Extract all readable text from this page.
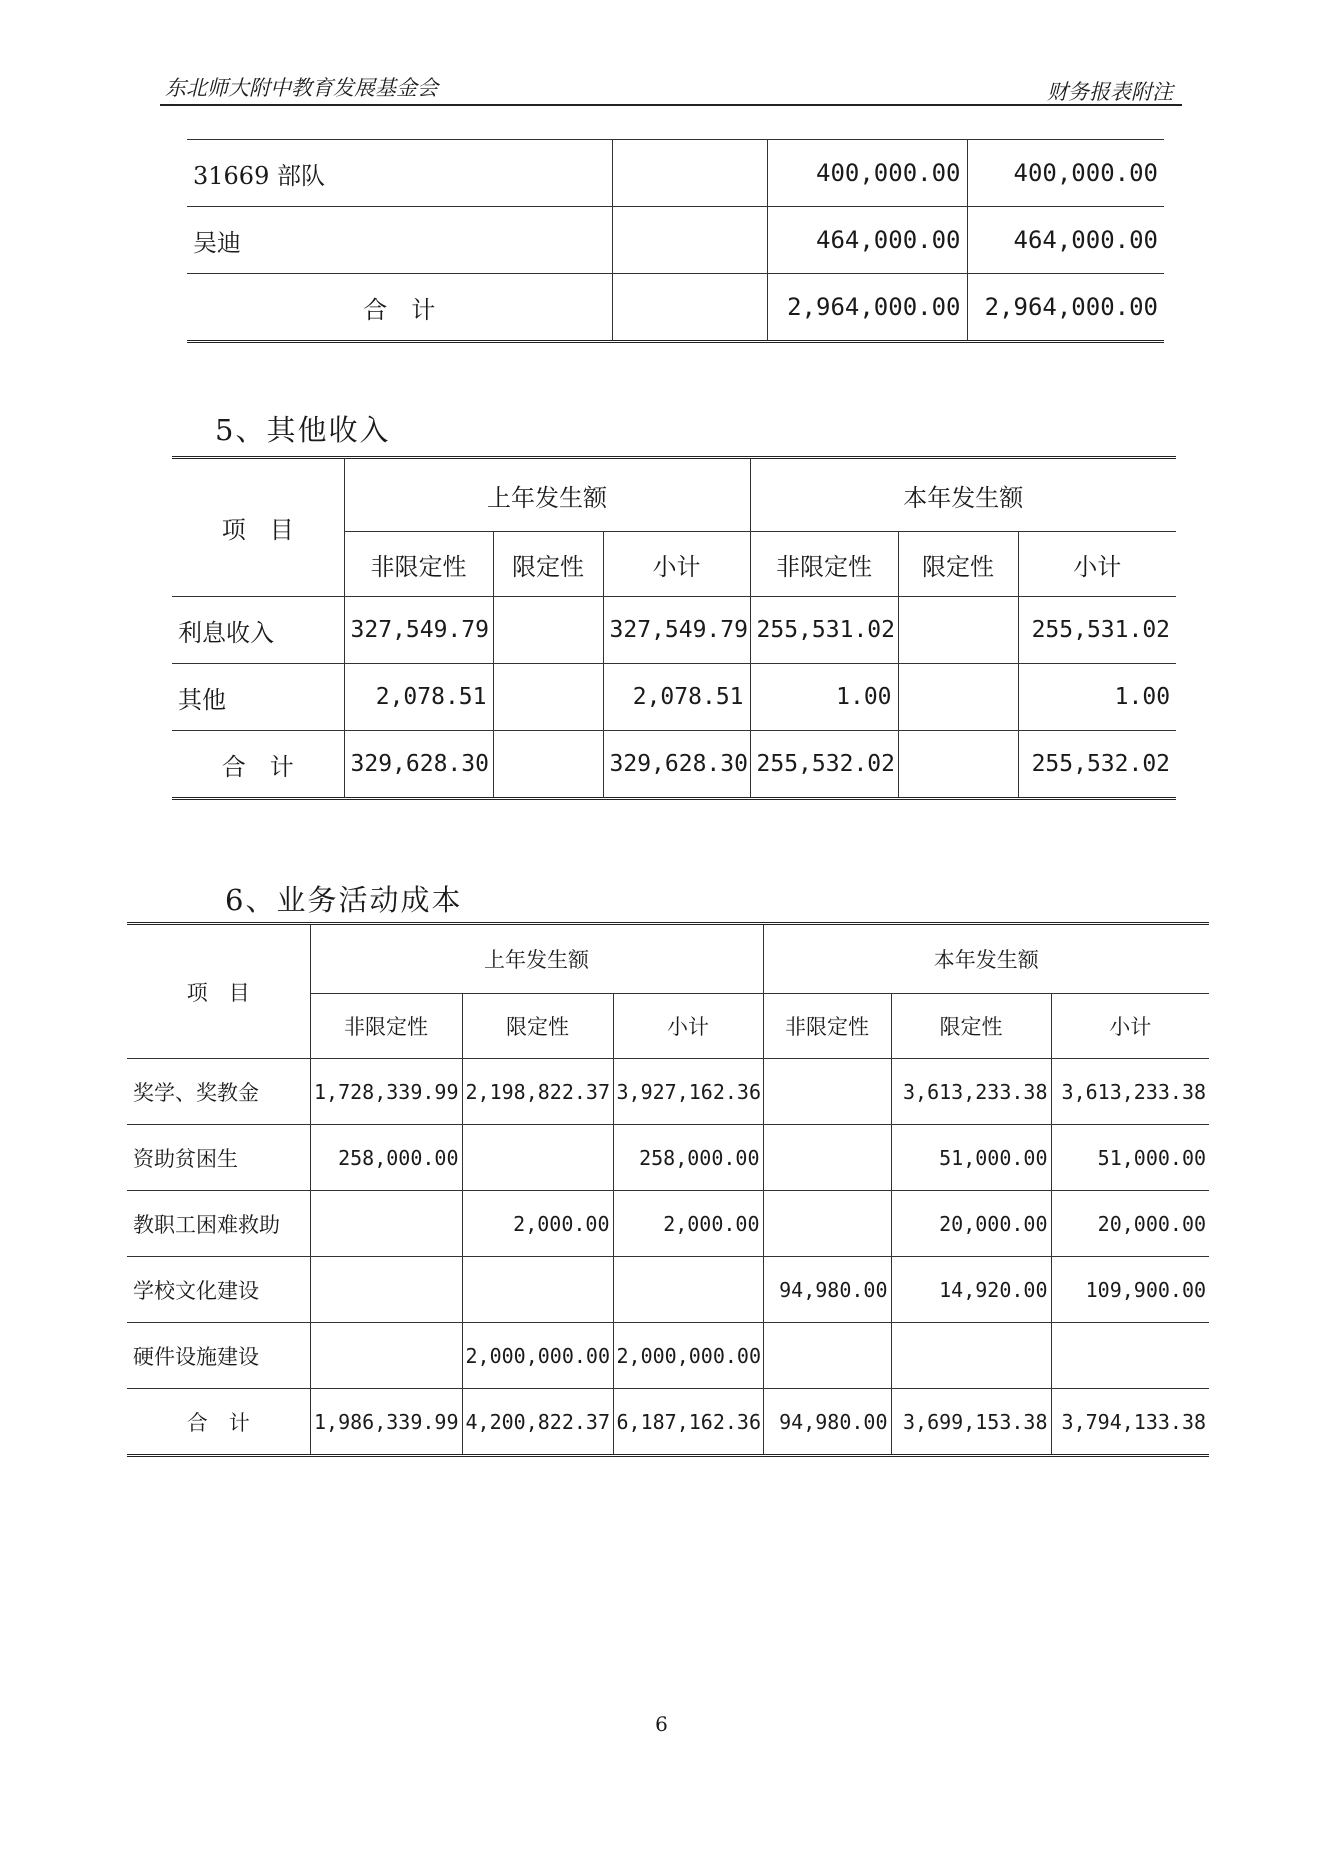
东北师大附中教育发展基金会	财务报表附注
31669 部队		400,000.00	400,000.00
吴迪		464,000.00	464,000.00
合　计		2,964,000.00	2,964,000.00
5、其他收入
项　目	上年发生额			本年发生额		
	非限定性	限定性	小计	非限定性	限定性	小计
利息收入	327,549.79		327,549.79	255,531.02		255,531.02
其他	2,078.51		2,078.51	1.00		1.00
合　计	329,628.30		329,628.30	255,532.02		255,532.02
6、业务活动成本
项　目	上年发生额			本年发生额		
	非限定性	限定性	小计	非限定性	限定性	小计
奖学、奖教金	1,728,339.99	2,198,822.37	3,927,162.36		3,613,233.38	3,613,233.38
资助贫困生	258,000.00		258,000.00		51,000.00	51,000.00
教职工困难救助		2,000.00	2,000.00		20,000.00	20,000.00
学校文化建设				94,980.00	14,920.00	109,900.00
硬件设施建设		2,000,000.00	2,000,000.00			
合　计	1,986,339.99	4,200,822.37	6,187,162.36	94,980.00	3,699,153.38	3,794,133.38
6
